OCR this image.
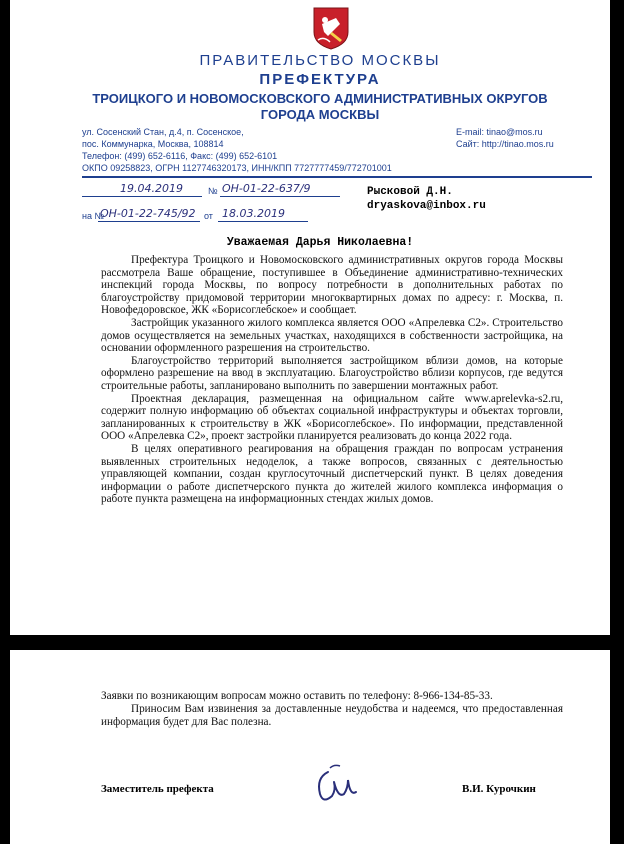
ПРАВИТЕЛЬСТВО МОСКВЫ
ПРЕФЕКТУРА
ТРОИЦКОГО И НОВОМОСКОВСКОГО АДМИНИСТРАТИВНЫХ ОКРУГОВ
ГОРОДА МОСКВЫ
ул. Сосенский Стан, д.4, п. Сосенское,
пос. Коммунарка, Москва, 108814
Телефон: (499) 652-6116, Факс: (499) 652-6101
ОКПО 09258823, ОГРН 1127746320173, ИНН/КПП 7727777459/772701001
E-mail: tinao@mos.ru
Сайт: http://tinao.mos.ru
19.04.2019	№ ОН-01-22-637/9
на №
ОН-01-22-745/92 от 18.03.2019
Рысковой Д.Н.
dryaskova@inbox.ru
Уважаемая Дарья Николаевна!

Префектура Троицкого и Новомосковского административных округов города Москвы рассмотрела Ваше обращение, поступившее в Объединение административно-технических инспекций города Москвы, по вопросу потребности в дополнительных работах по благоустройству придомовой территории многоквартирных домах по адресу: г. Москва, п. Новофедоровское, ЖК «Борисоглебское» и сообщает.

Застройщик указанного жилого комплекса является ООО «Апрелевка С2». Строительство домов осуществляется на земельных участках, находящихся в собственности застройщика, на основании оформленного разрешения на строительство.

Благоустройство территорий выполняется застройщиком вблизи домов, на которые оформлено разрешение на ввод в эксплуатацию. Благоустройство вблизи корпусов, где ведутся строительные работы, запланировано выполнить по завершении монтажных работ.

Проектная декларация, размещенная на официальном сайте www.aprelevka-s2.ru, содержит полную информацию об объектах социальной инфраструктуры и объектах торговли, запланированных к строительству в ЖК «Борисоглебское». По информации, представленной ООО «Апрелевка С2», проект застройки планируется реализовать до конца 2022 года.

В целях оперативного реагирования на обращения граждан по вопросам устранения выявленных строительных недоделок, а также вопросов, связанных с деятельностью управляющей компании, создан круглосуточный диспетчерский пункт. В целях доведения информации о работе диспетчерского пункта до жителей жилого комплекса информация о работе пункта размещена на информационных стендах жилых домов.

Заявки по возникающим вопросам можно оставить по телефону: 8-966-134-85-33.

Приносим Вам извинения за доставленные неудобства и надеемся, что предоставленная информация будет для Вас полезна.

Заместитель префекта	В.И. Курочкин
